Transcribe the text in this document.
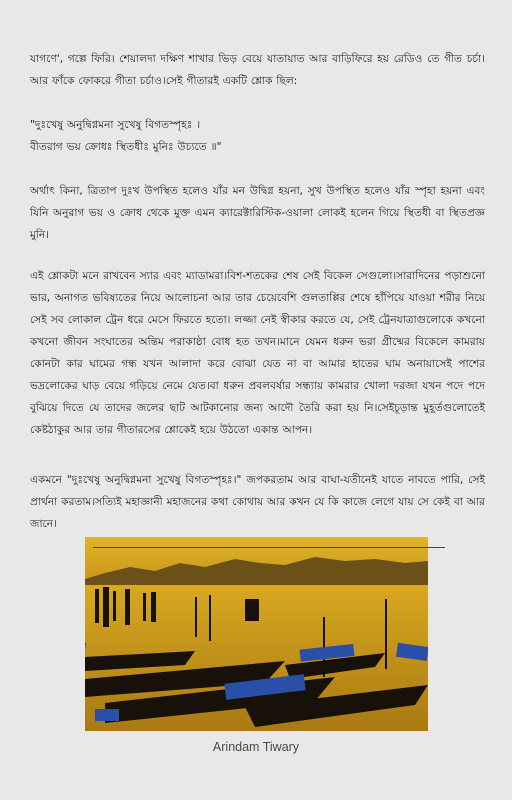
যাগণে', গল্পে ফিরি। শেয়ালদা দক্ষিণ শাখার ভিড় বেয়ে যাতায়াত আর বাড়িফিরে হয় রেডিও তে গীত চর্চা।আর ফাঁকে ফোকরে গীতা চর্চাও।সেই গীতারই একটি শ্লোক ছিল:

"দুঃখেষু অনুদ্বিগ্নমনা সুখেষু বিগতস্পৃহঃ ।

বীতরাগ ভয় ক্রোধঃ স্থিতধীঃ মুনিঃ উচ্যতে ॥"

অর্থাৎ কিনা, ত্রিতাপ দুঃখ উপস্থিত হলেও যাঁর মন উদ্বিগ্ন হয়না, সুখ উপস্থিত হলেও যাঁর স্পৃহা হয়না এবং যিনি অনুরাগ ভয় ও ক্রোধ থেকে মুক্ত এমন ক্যারেক্টারিস্টিক-ওয়ালা লোকই হলেন গিয়ে স্থিতধী বা স্থিতপ্রজ্ঞ মুনি।

এই শ্লোকটা মনে রাখবেন স্যার এবং ম্যাডামরা।বিশ-শতকের শেষ সেই বিকেল সেগুলো।সারাদিনের পড়াশুনো ভার, অনাগত ভবিষ্যতের নিয়ে আলোচনা আর তার চেয়েবেশি গুলতাপ্পির শেষে হাঁপিয়ে যাওয়া শরীর নিয়ে সেই সব লোকাল ট্রেন ধরে মেসে ফিরতে হতো। লজ্জা নেই স্বীকার করতে যে, সেই ট্রেনযাত্রাগুলোকে কখনো কখনো জীবন সংঘাতের অন্তিম পরাকাষ্ঠা বোধ হত তখন।মানে যেমন ধরুন ভরা গ্রীষ্মের বিকেলে কামরায় কোনটা কার ঘামের গন্ধ যখন আলাদা করে বোঝা যেত না বা আমার হাতের ঘাম অনায়াসেই পাশের ভদ্রলোকের ঘাড় বেয়ে গড়িয়ে নেমে যেত।বা ধরুন প্রবলবর্ষার সন্ধ্যায় কামরার খোলা দরজা যখন পদে পদে বুঝিয়ে দিতে যে তাদের জলের ছাট আটকানোর জন্য আদৌ তৈরি করা হয় নি।সেইচূড়ান্ত মুহূর্তগুলোতেই কেষ্টঠাকুর আর তার গীতারসের শ্লোকেই হয়ে উঠতো একান্ত আপন।

একমনে "দুঃখেষু অনুদ্বিগ্নমনা সুখেষু বিগতস্পৃহঃ।" জপকরতাম আর বাঘা-যতীনেই যাতে নাবতে পারি, সেই প্রার্থনা করতাম।সত্যিই মহাজ্ঞানী মহাজনের কথা কোথায় আর কখন যে কি কাজে লেগে যায় সে কেই বা আর জানে।

Arindam Tiwary
